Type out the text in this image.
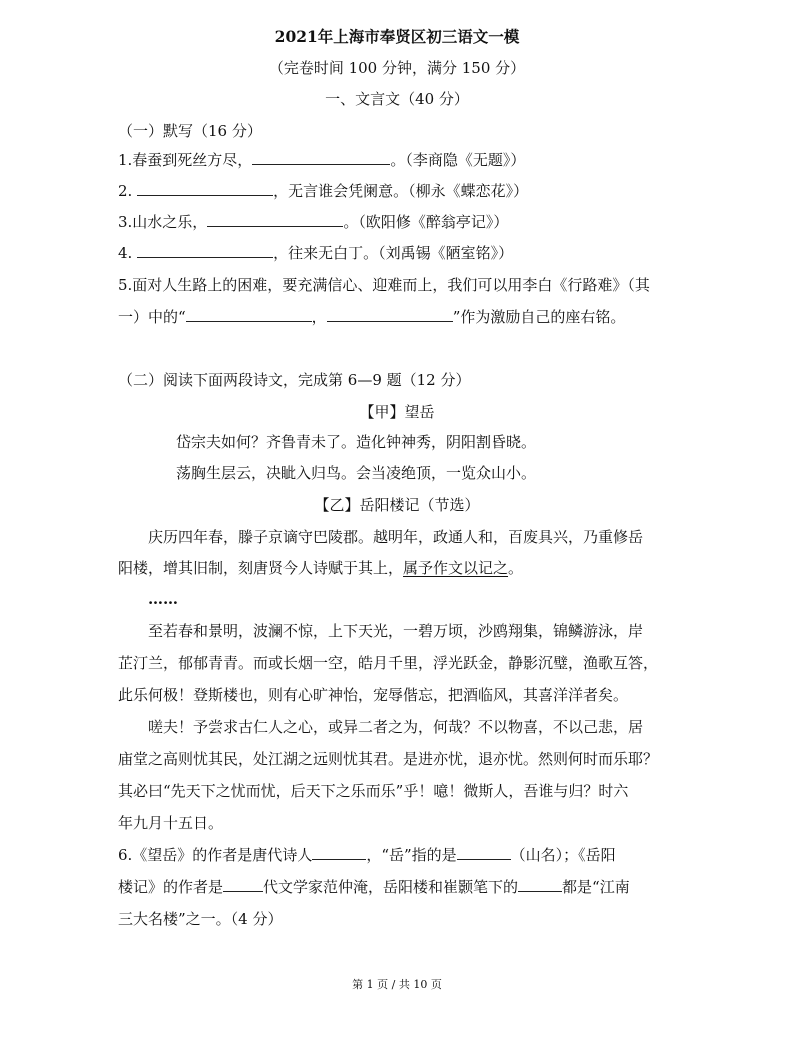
2021年上海市奉贤区初三语文一模
（完卷时间 100 分钟，满分 150 分）
一、文言文（40 分）
（一）默写（16 分）
1.春蚕到死丝方尽，	。（李商隐《无题》）
2.	，无言谁会凭阑意。（柳永《蝶恋花》）
3.山水之乐，	。（欧阳修《醉翁亭记》）
4.	，往来无白丁。（刘禹锡《陋室铭》）
5.面对人生路上的困难，要充满信心、迎难而上，我们可以用李白《行路难》（其
一）中的“	，	”作为激励自己的座右铭。
（二）阅读下面两段诗文，完成第 6—9 题（12 分）
【甲】望岳
岱宗夫如何？齐鲁青未了。造化钟神秀，阴阳割昏晓。
荡胸生层云，决眦入归鸟。会当凌绝顶，一览众山小。
【乙】岳阳楼记（节选）
庆历四年春，滕子京谪守巴陵郡。越明年，政通人和，百废具兴，乃重修岳
阳楼，增其旧制，刻唐贤今人诗赋于其上，属予作文以记之。
……
至若春和景明，波澜不惊，上下天光，一碧万顷，沙鸥翔集，锦鳞游泳，岸
芷汀兰，郁郁青青。而或长烟一空，皓月千里，浮光跃金，静影沉璧，渔歌互答，
此乐何极！登斯楼也，则有心旷神怡，宠辱偕忘，把酒临风，其喜洋洋者矣。
嗟夫！予尝求古仁人之心，或异二者之为，何哉？不以物喜，不以己悲，居
庙堂之高则忧其民，处江湖之远则忧其君。是进亦忧，退亦忧。然则何时而乐耶？
其必曰“先天下之忧而忧，后天下之乐而乐”乎！噫！微斯人，吾谁与归？时六
年九月十五日。
6.《望岳》的作者是唐代诗人	，“岳”指的是	（山名）；《岳阳
楼记》的作者是	代文学家范仲淹，岳阳楼和崔颢笔下的	都是“江南
三大名楼”之一。（4 分）
第 1 页 / 共 10 页
